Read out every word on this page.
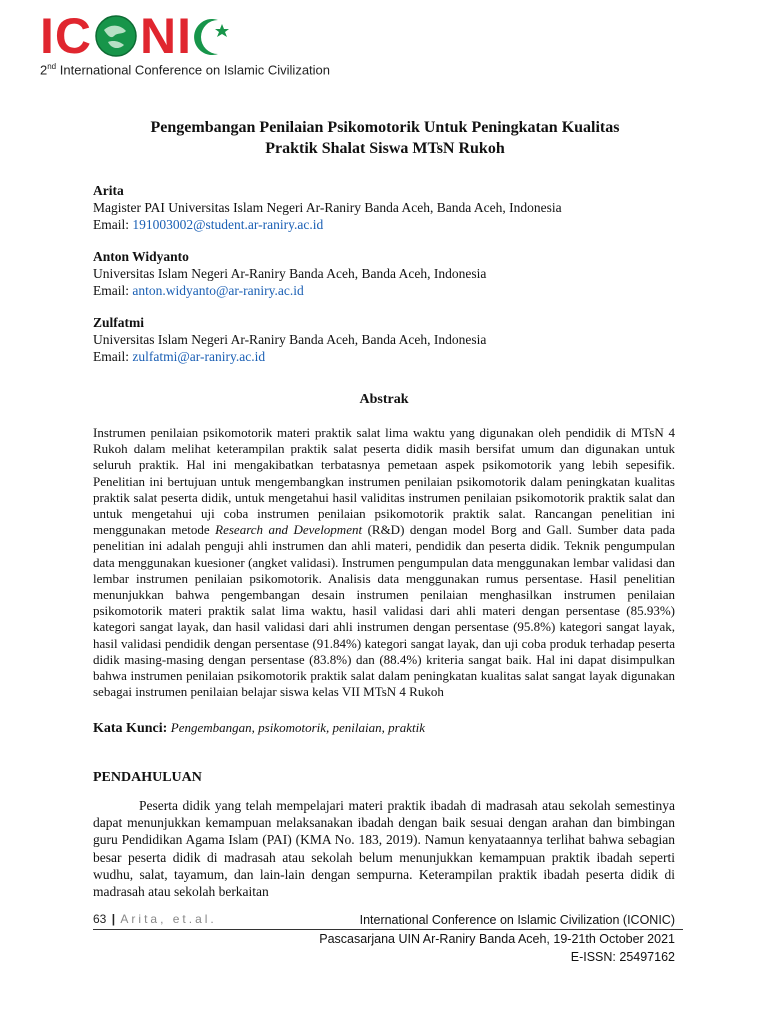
I C N I
2nd International Conference on Islamic Civilization
Pengembangan Penilaian Psikomotorik Untuk Peningkatan Kualitas
Praktik Shalat Siswa MTsN Rukoh
Arita
Magister PAI Universitas Islam Negeri Ar-Raniry Banda Aceh, Banda Aceh, Indonesia
Email: 191003002@student.ar-raniry.ac.id
Anton Widyanto
Universitas Islam Negeri Ar-Raniry Banda Aceh, Banda Aceh, Indonesia
Email: anton.widyanto@ar-raniry.ac.id
Zulfatmi
Universitas Islam Negeri Ar-Raniry Banda Aceh, Banda Aceh, Indonesia
Email: zulfatmi@ar-raniry.ac.id
Abstrak
Instrumen penilaian psikomotorik materi praktik salat lima waktu yang digunakan oleh pendidik di MTsN 4 Rukoh dalam melihat keterampilan praktik salat peserta didik masih bersifat umum dan digunakan untuk seluruh praktik. Hal ini mengakibatkan terbatasnya pemetaan aspek psikomotorik yang lebih sepesifik. Penelitian ini bertujuan untuk mengembangkan instrumen penilaian psikomotorik dalam peningkatan kualitas praktik salat peserta didik, untuk mengetahui hasil validitas instrumen penilaian psikomotorik praktik salat dan untuk mengetahui uji coba instrumen penilaian psikomotorik praktik salat. Rancangan penelitian ini menggunakan metode Research and Development (R&D) dengan model Borg and Gall. Sumber data pada penelitian ini adalah penguji ahli instrumen dan ahli materi, pendidik dan peserta didik. Teknik pengumpulan data menggunakan kuesioner (angket validasi). Instrumen pengumpulan data menggunakan lembar validasi dan lembar instrumen penilaian psikomotorik. Analisis data menggunakan rumus persentase. Hasil penelitian menunjukkan bahwa pengembangan desain instrumen penilaian menghasilkan instrumen penilaian psikomotorik materi praktik salat lima waktu, hasil validasi dari ahli materi dengan persentase (85.93%) kategori sangat layak, dan hasil validasi dari ahli instrumen dengan persentase (95.8%) kategori sangat layak, hasil validasi pendidik dengan persentase (91.84%) kategori sangat layak, dan uji coba produk terhadap peserta didik masing-masing dengan persentase (83.8%) dan (88.4%) kriteria sangat baik. Hal ini dapat disimpulkan bahwa instrumen penilaian psikomotorik praktik salat dalam peningkatan kualitas salat sangat layak digunakan sebagai instrumen penilaian belajar siswa kelas VII MTsN 4 Rukoh
Kata Kunci: Pengembangan, psikomotorik, penilaian, praktik
PENDAHULUAN
Peserta didik yang telah mempelajari materi praktik ibadah di madrasah atau sekolah semestinya dapat menunjukkan kemampuan melaksanakan ibadah dengan baik sesuai dengan arahan dan bimbingan guru Pendidikan Agama Islam (PAI) (KMA No. 183, 2019). Namun kenyataannya terlihat bahwa sebagian besar peserta didik di madrasah atau sekolah belum menunjukkan kemampuan praktik ibadah seperti wudhu, salat, tayamum, dan lain-lain dengan sempurna. Keterampilan praktik ibadah peserta didik di madrasah atau sekolah berkaitan
63 | Arita, et.al.	International Conference on Islamic Civilization (ICONIC)
Pascasarjana UIN Ar-Raniry Banda Aceh, 19-21th October 2021
E-ISSN: 25497162
